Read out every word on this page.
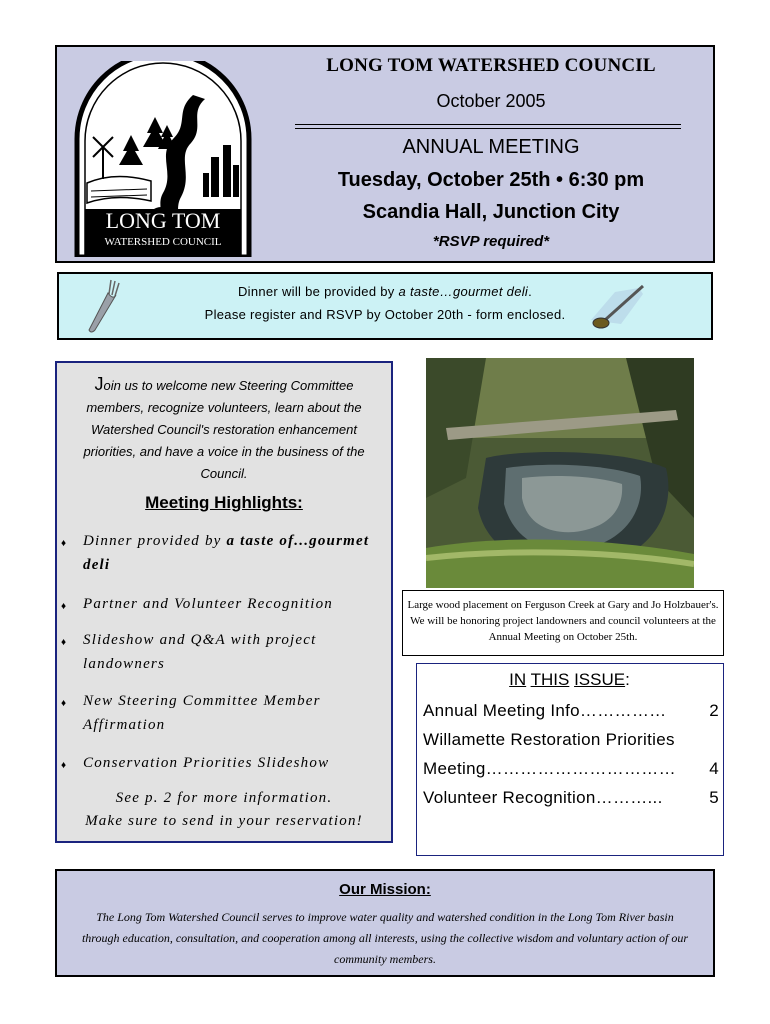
LONG TOM
WATERSHED COUNCIL
LONG TOM WATERSHED COUNCIL
October 2005
ANNUAL MEETING
Tuesday, October 25th • 6:30 pm
Scandia Hall, Junction City
*RSVP required*
Dinner will be provided by a taste…gourmet deli.
Please register and RSVP by October 20th - form enclosed.
Join us to welcome new Steering Committee members, recognize volunteers, learn about the Watershed Council's restoration enhancement priorities, and have a voice in the business of the Council.
Meeting Highlights:
♦ Dinner provided by a taste of...gourmet deli
♦ Partner and Volunteer Recognition
♦ Slideshow and Q&A with project landowners
♦ New Steering Committee Member Affirmation
♦ Conservation Priorities Slideshow
See p. 2 for more information.
Make sure to send in your reservation!
Large wood placement on Ferguson Creek at Gary and Jo Holzbauer's. We will be honoring project landowners and council volunteers at the Annual Meeting on October 25th.
IN THIS ISSUE:
Annual Meeting Info……………	2
Willamette Restoration Priorities
Meeting…………………………… 4
Volunteer Recognition………...	5
Our Mission:
The Long Tom Watershed Council serves to improve water quality and watershed condition in the Long Tom River basin through education, consultation, and cooperation among all interests, using the collective wisdom and voluntary action of our community members.
